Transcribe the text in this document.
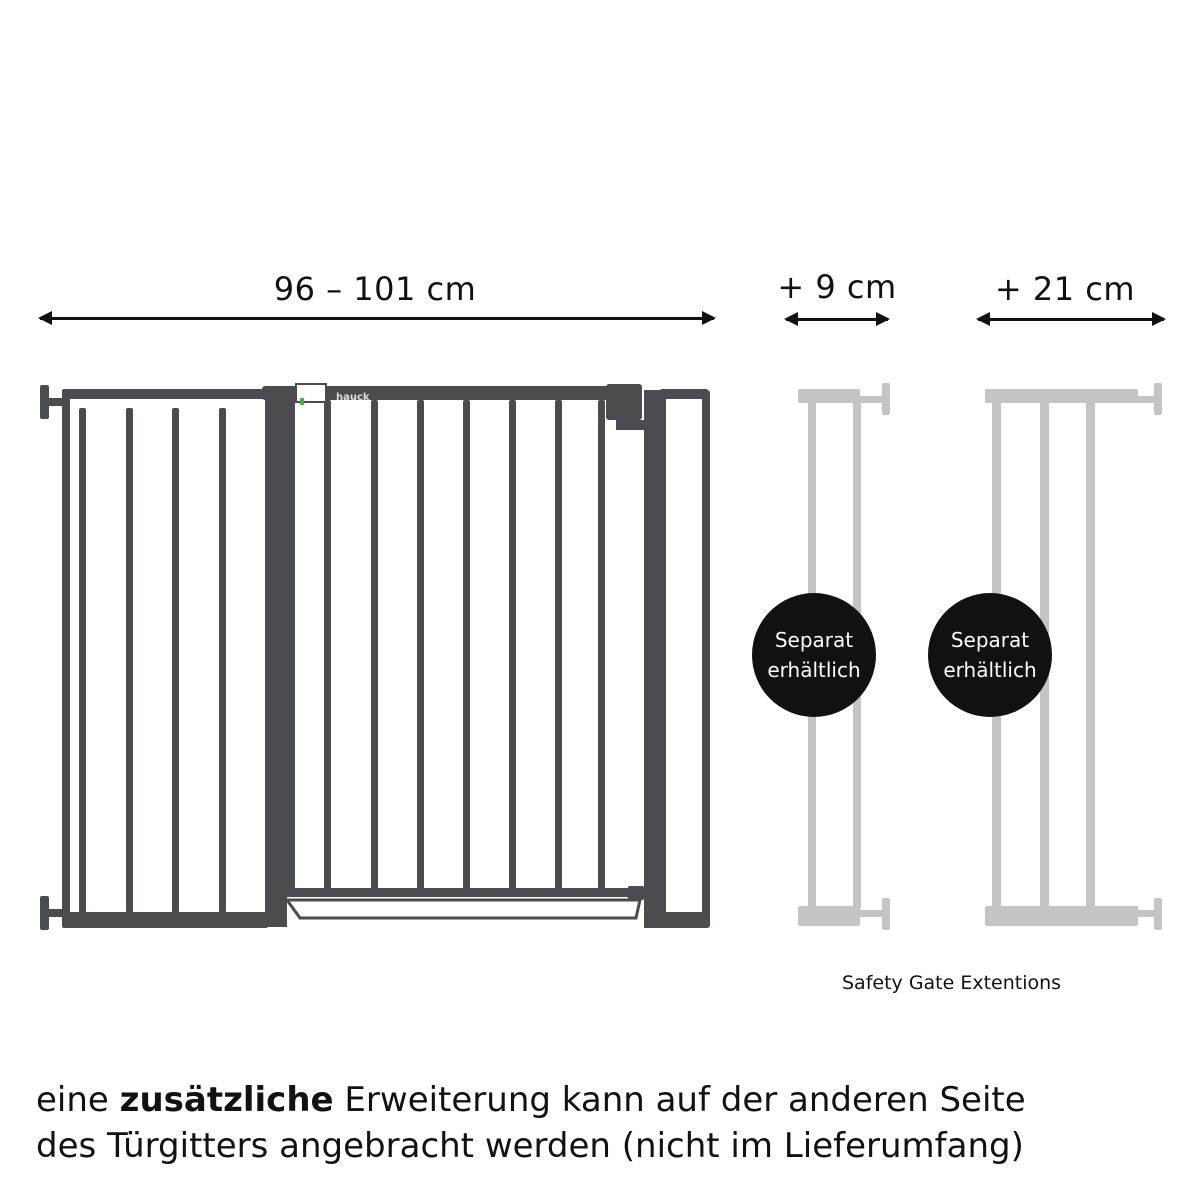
96 – 101 cm	+ 9 cm	+ 21 cm
hauck
Separat
erhältlich
Separat
erhältlich
Safety Gate Extentions
eine zusätzliche Erweiterung kann auf der anderen Seite
des Türgitters angebracht werden (nicht im Lieferumfang)
